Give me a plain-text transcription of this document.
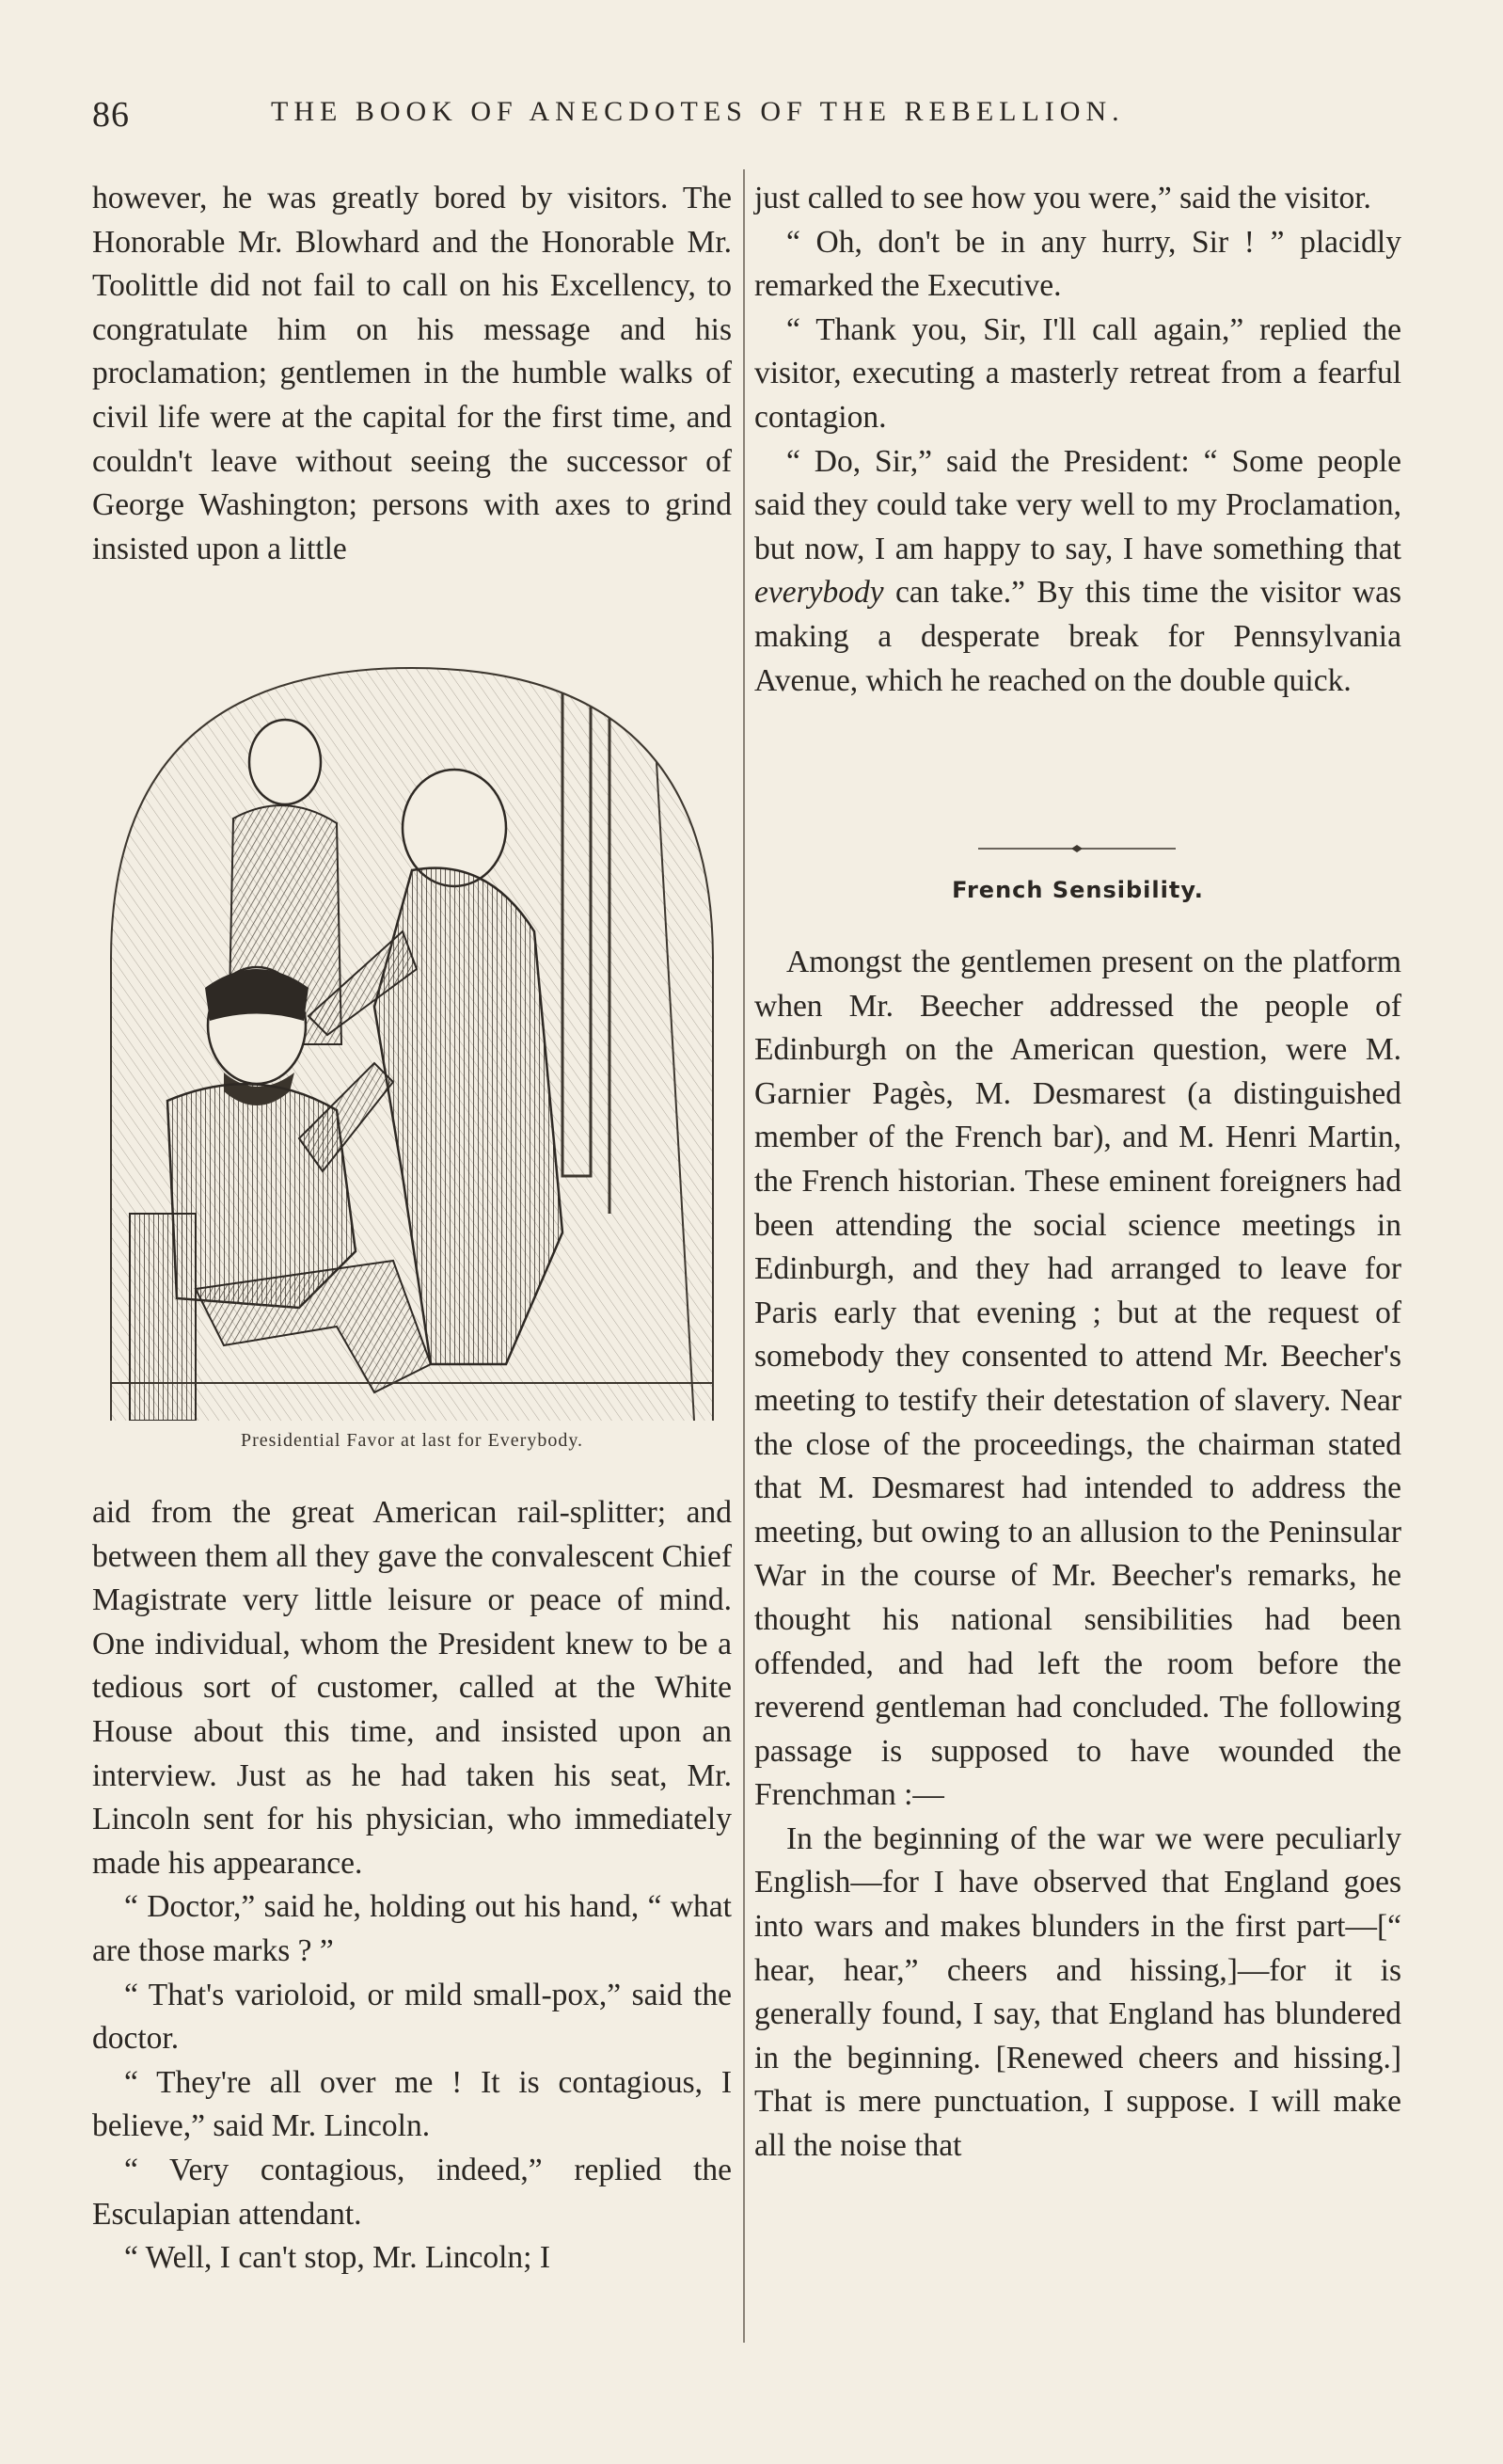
86	THE BOOK OF ANECDOTES OF THE REBELLION.

however, he was greatly bored by visitors. The Honorable Mr. Blowhard and the Honorable Mr. Toolittle did not fail to call on his Excellency, to congratulate him on his message and his proclamation; gentlemen in the humble walks of civil life were at the capital for the first time, and couldn't leave without seeing the successor of George Washington; persons with axes to grind insisted upon a little

Presidential Favor at last for Everybody.

aid from the great American rail-splitter; and between them all they gave the convalescent Chief Magistrate very little leisure or peace of mind. One individual, whom the President knew to be a tedious sort of customer, called at the White House about this time, and insisted upon an interview. Just as he had taken his seat, Mr. Lincoln sent for his physician, who immediately made his appearance.

“ Doctor,” said he, holding out his hand, “ what are those marks ? ”

“ That's varioloid, or mild small-pox,” said the doctor.

“ They're all over me ! It is contagious, I believe,” said Mr. Lincoln.

“ Very contagious, indeed,” replied the Esculapian attendant.

“ Well, I can't stop, Mr. Lincoln; I

just called to see how you were,” said the visitor.

“ Oh, don't be in any hurry, Sir ! ” placidly remarked the Executive.

“ Thank you, Sir, I'll call again,” replied the visitor, executing a masterly retreat from a fearful contagion.

“ Do, Sir,” said the President: “ Some people said they could take very well to my Proclamation, but now, I am happy to say, I have something that everybody can take.” By this time the visitor was making a desperate break for Pennsylvania Avenue, which he reached on the double quick.

French Sensibility.

Amongst the gentlemen present on the platform when Mr. Beecher addressed the people of Edinburgh on the American question, were M. Garnier Pagès, M. Desmarest (a distinguished member of the French bar), and M. Henri Martin, the French historian. These eminent foreigners had been attending the social science meetings in Edinburgh, and they had arranged to leave for Paris early that evening ; but at the request of somebody they consented to attend Mr. Beecher's meeting to testify their detestation of slavery. Near the close of the proceedings, the chairman stated that M. Desmarest had intended to address the meeting, but owing to an allusion to the Peninsular War in the course of Mr. Beecher's remarks, he thought his national sensibilities had been offended, and had left the room before the reverend gentleman had concluded. The following passage is supposed to have wounded the Frenchman :—

In the beginning of the war we were peculiarly English—for I have observed that England goes into wars and makes blunders in the first part—[“ hear, hear,” cheers and hissing,]—for it is generally found, I say, that England has blundered in the beginning. [Renewed cheers and hissing.] That is mere punctuation, I suppose. I will make all the noise that
